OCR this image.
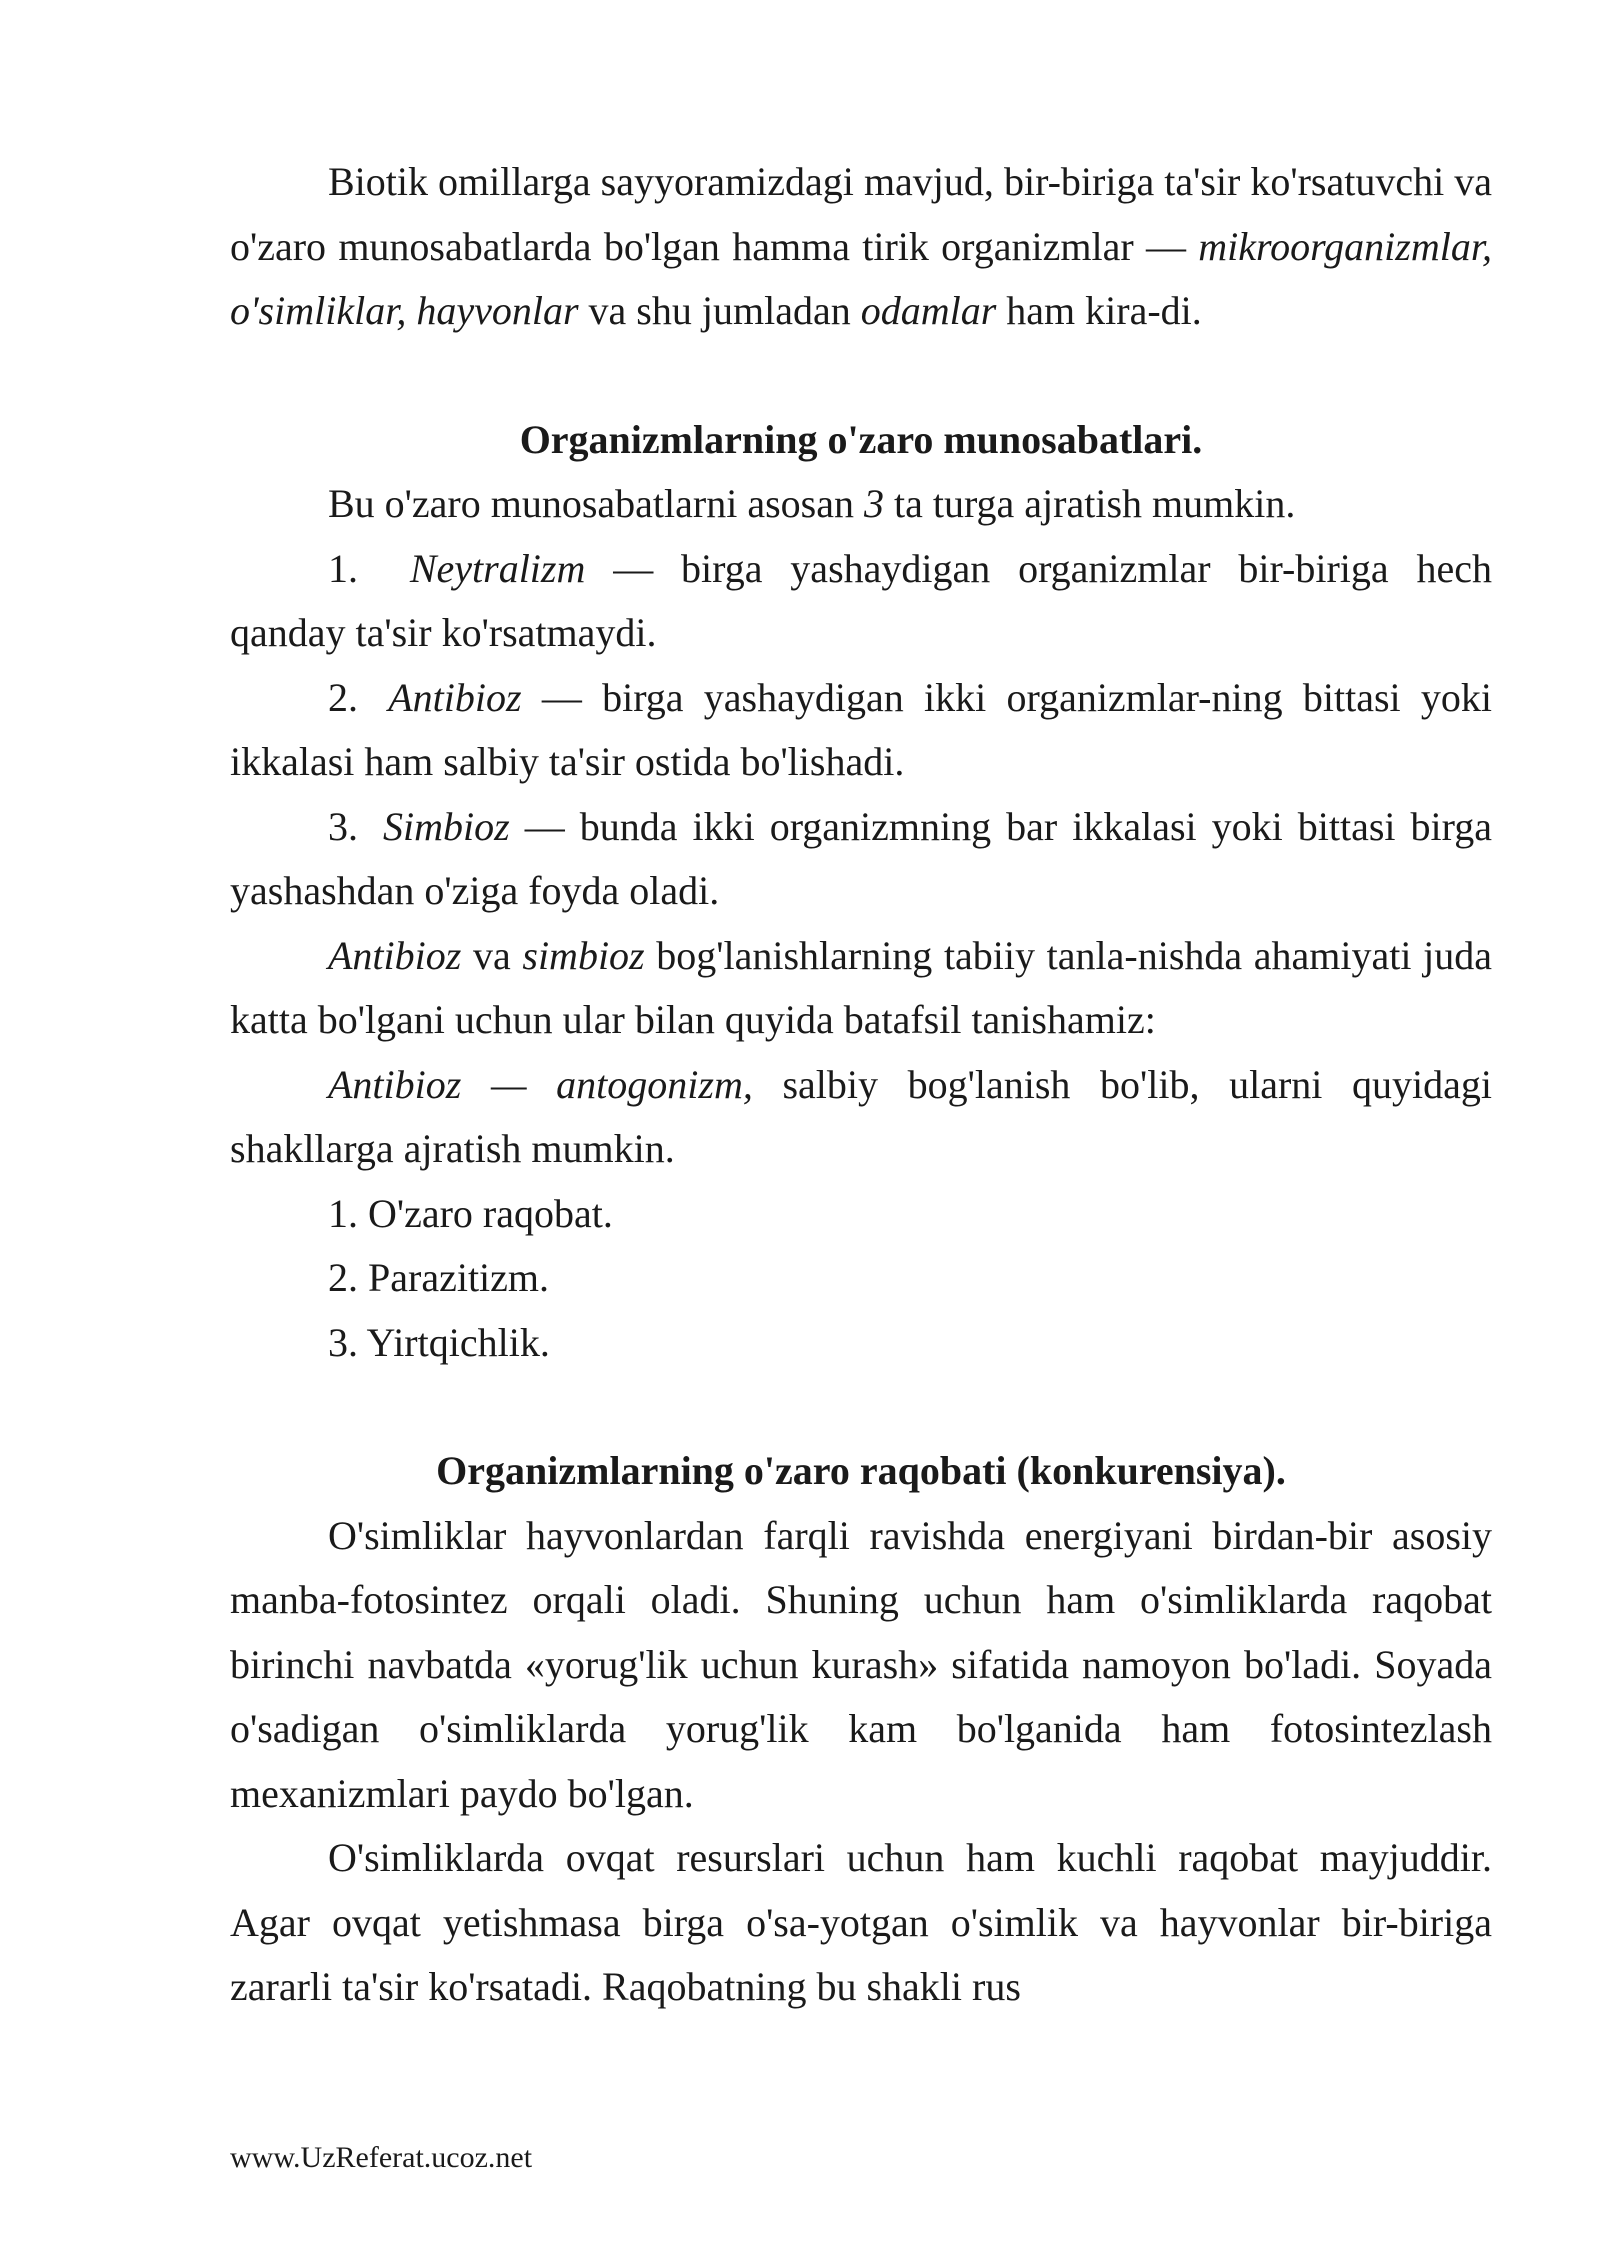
Biotik omillarga sayyoramizdagi mavjud, bir-biriga ta'sir ko'rsatuvchi va o'zaro munosabatlarda bo'lgan hamma tirik organizmlar — mikroorganizmlar, o'simliklar, hayvonlar va shu jumladan odamlar ham kira-di.

Organizmlarning o'zaro munosabatlari.

Bu o'zaro munosabatlarni asosan 3 ta turga ajratish mumkin.

1. Neytralizm — birga yashaydigan organizmlar bir-biriga hech qanday ta'sir ko'rsatmaydi.

2. Antibioz — birga yashaydigan ikki organizmlar-ning bittasi yoki ikkalasi ham salbiy ta'sir ostida bo'lishadi.

3. Simbioz — bunda ikki organizmning bar ikkalasi yoki bittasi birga yashashdan o'ziga foyda oladi.

Antibioz va simbioz bog'lanishlarning tabiiy tanla-nishda ahamiyati juda katta bo'lgani uchun ular bilan quyida batafsil tanishamiz:

Antibioz — antogonizm, salbiy bog'lanish bo'lib, ularni quyidagi shakllarga ajratish mumkin.

1. O'zaro raqobat.

2. Parazitizm.

3. Yirtqichlik.

Organizmlarning o'zaro raqobati (konkurensiya).

O'simliklar hayvonlardan farqli ravishda energiyani birdan-bir asosiy manba-fotosintez orqali oladi. Shuning uchun ham o'simliklarda raqobat birinchi navbatda «yorug'lik uchun kurash» sifatida namoyon bo'ladi. Soyada o'sadigan o'simliklarda yorug'lik kam bo'lganida ham fotosintezlash mexanizmlari paydo bo'lgan.

O'simliklarda ovqat resurslari uchun ham kuchli raqobat mayjuddir. Agar ovqat yetishmasa birga o'sa-yotgan o'simlik va hayvonlar bir-biriga zararli ta'sir ko'rsatadi. Raqobatning bu shakli rus

www.UzReferat.ucoz.net
